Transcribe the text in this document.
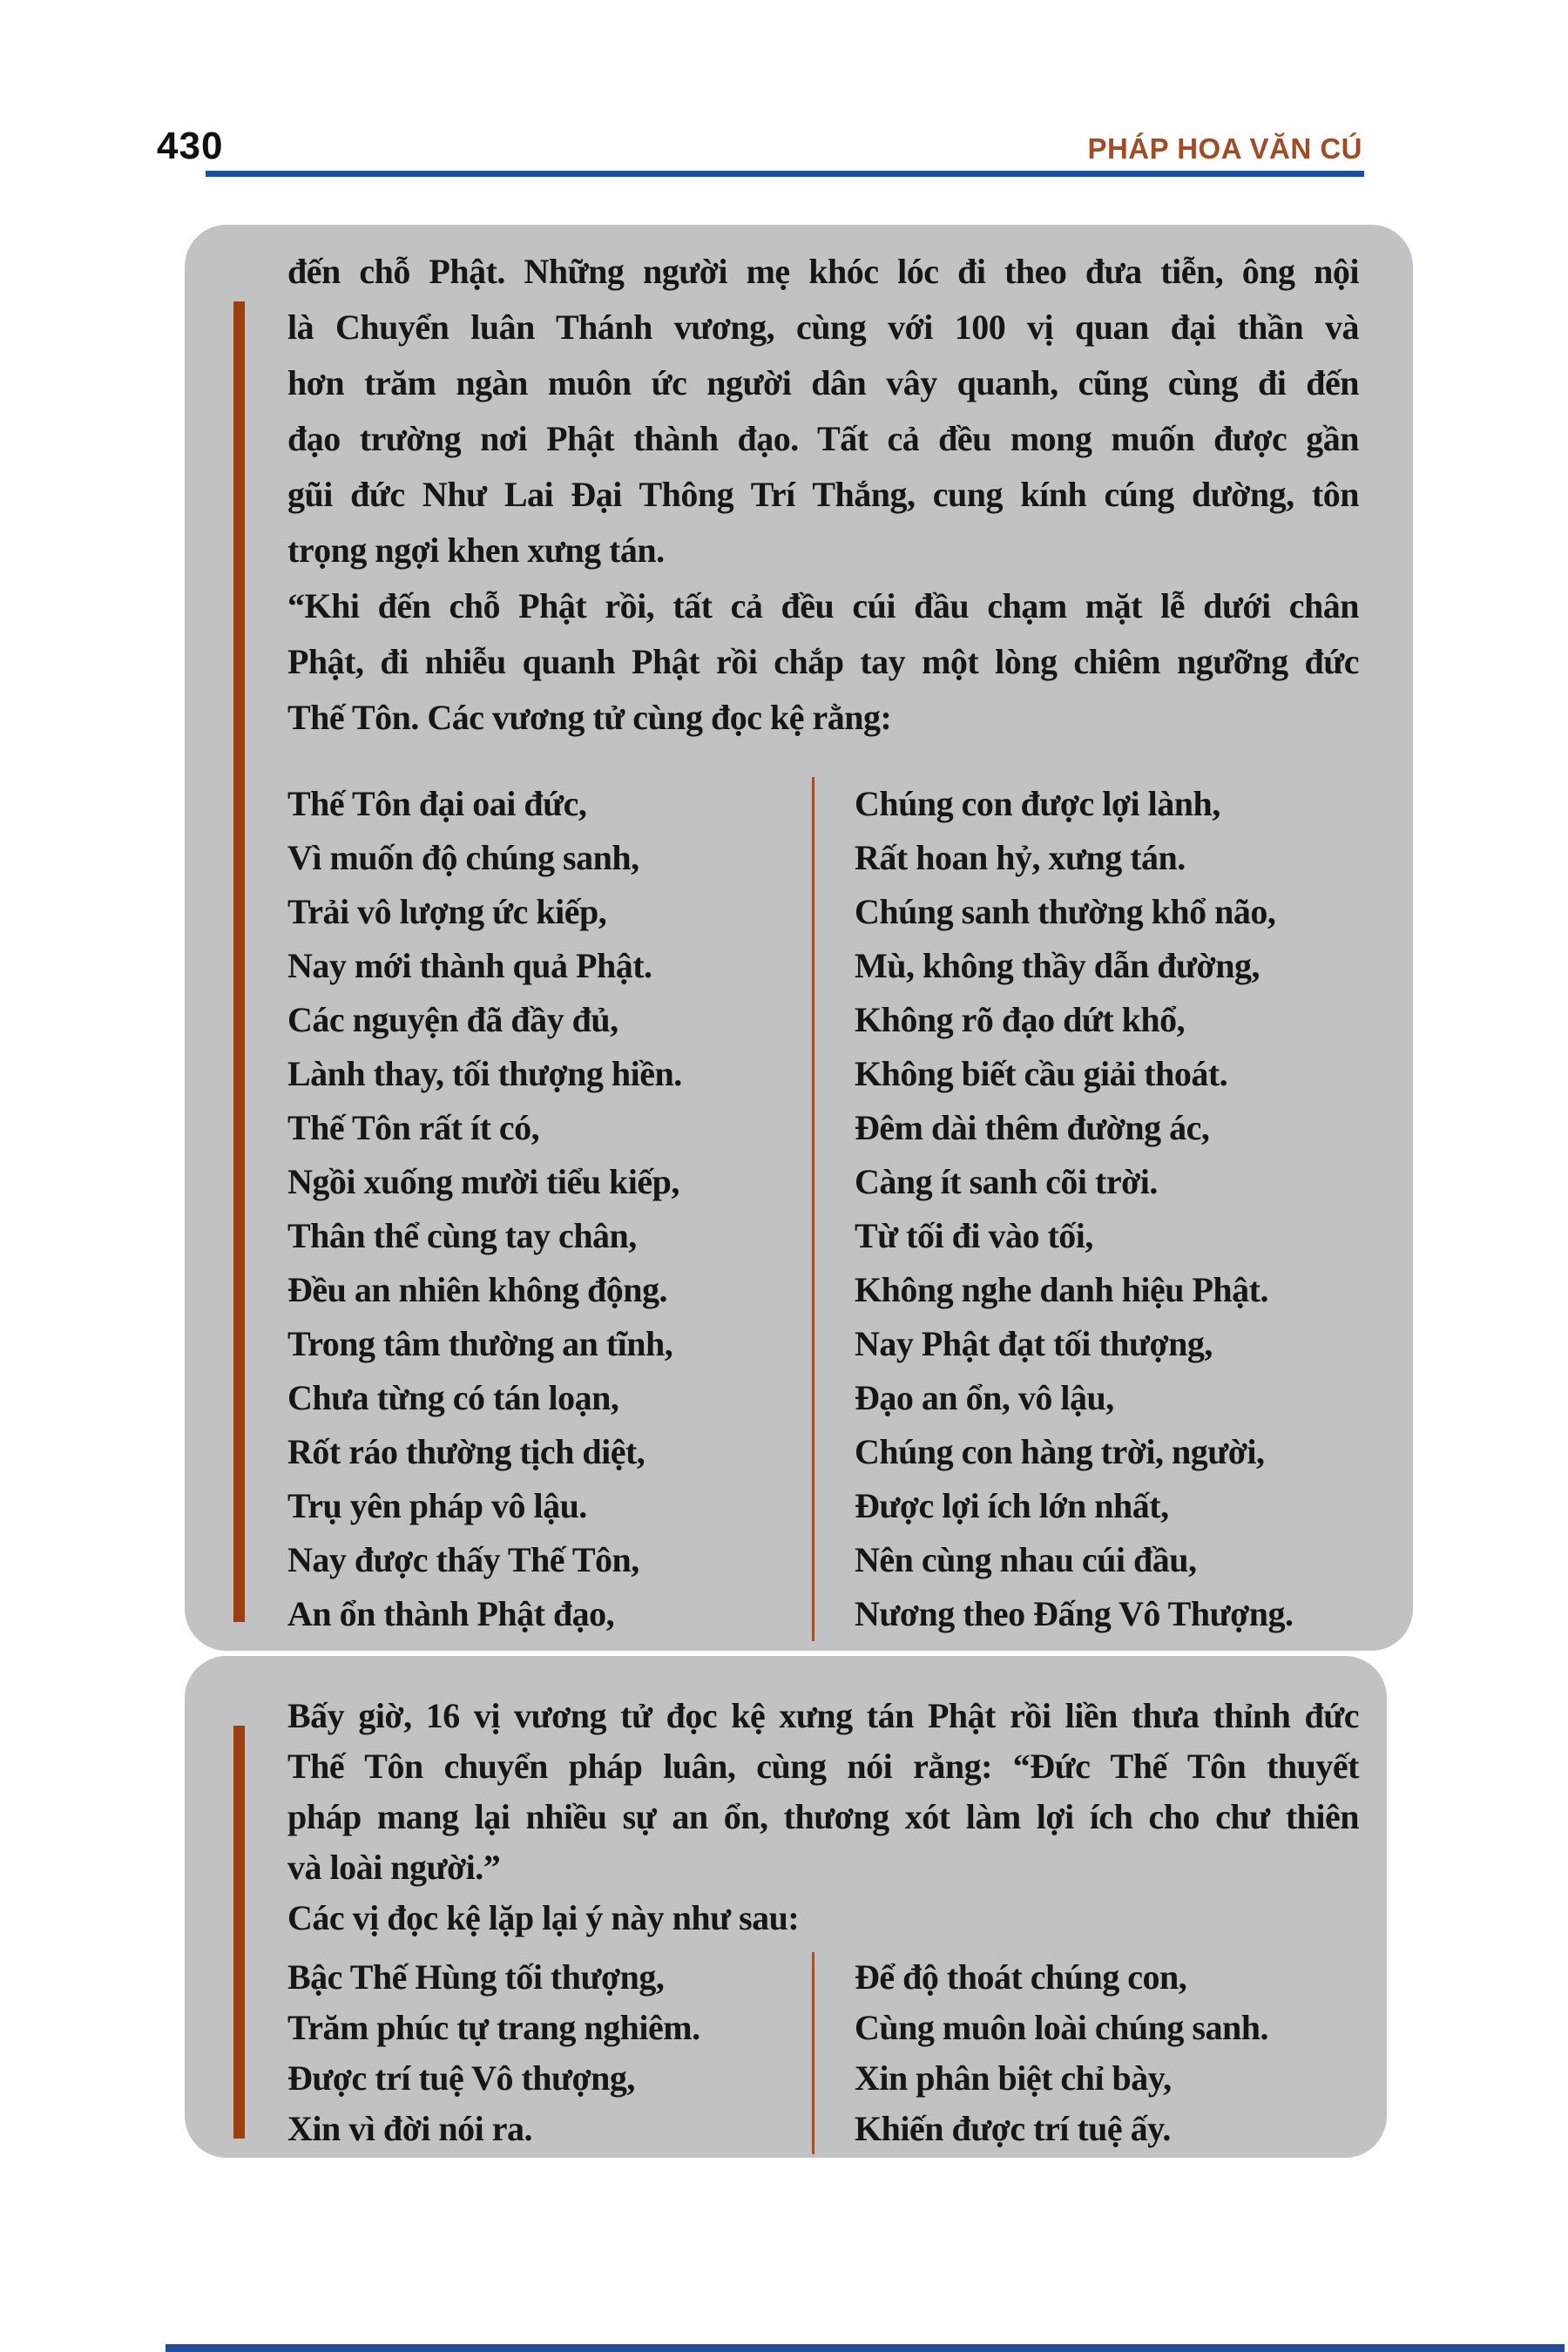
430	PHÁP HOA VĂN CÚ
đến chỗ Phật. Những người mẹ khóc lóc đi theo đưa tiễn, ông nội
là Chuyển luân Thánh vương, cùng với 100 vị quan đại thần và
hơn trăm ngàn muôn ức người dân vây quanh, cũng cùng đi đến
đạo trường nơi Phật thành đạo. Tất cả đều mong muốn được gần
gũi đức Như Lai Đại Thông Trí Thắng, cung kính cúng dường, tôn
trọng ngợi khen xưng tán.
“Khi đến chỗ Phật rồi, tất cả đều cúi đầu chạm mặt lễ dưới chân
Phật, đi nhiễu quanh Phật rồi chắp tay một lòng chiêm ngưỡng đức
Thế Tôn. Các vương tử cùng đọc kệ rằng:
Thế Tôn đại oai đức,
Vì muốn độ chúng sanh,
Trải vô lượng ức kiếp,
Nay mới thành quả Phật.
Các nguyện đã đầy đủ,
Lành thay, tối thượng hiền.
Thế Tôn rất ít có,
Ngồi xuống mười tiểu kiếp,
Thân thể cùng tay chân,
Đều an nhiên không động.
Trong tâm thường an tĩnh,
Chưa từng có tán loạn,
Rốt ráo thường tịch diệt,
Trụ yên pháp vô lậu.
Nay được thấy Thế Tôn,
An ổn thành Phật đạo,
Chúng con được lợi lành,
Rất hoan hỷ, xưng tán.
Chúng sanh thường khổ não,
Mù, không thầy dẫn đường,
Không rõ đạo dứt khổ,
Không biết cầu giải thoát.
Đêm dài thêm đường ác,
Càng ít sanh cõi trời.
Từ tối đi vào tối,
Không nghe danh hiệu Phật.
Nay Phật đạt tối thượng,
Đạo an ổn, vô lậu,
Chúng con hàng trời, người,
Được lợi ích lớn nhất,
Nên cùng nhau cúi đầu,
Nương theo Đấng Vô Thượng.
Bấy giờ, 16 vị vương tử đọc kệ xưng tán Phật rồi liền thưa thỉnh đức
Thế Tôn chuyển pháp luân, cùng nói rằng: “Đức Thế Tôn thuyết
pháp mang lại nhiều sự an ổn, thương xót làm lợi ích cho chư thiên
và loài người.”
Các vị đọc kệ lặp lại ý này như sau:
Bậc Thế Hùng tối thượng,
Trăm phúc tự trang nghiêm.
Được trí tuệ Vô thượng,
Xin vì đời nói ra.
Để độ thoát chúng con,
Cùng muôn loài chúng sanh.
Xin phân biệt chỉ bày,
Khiến được trí tuệ ấy.
